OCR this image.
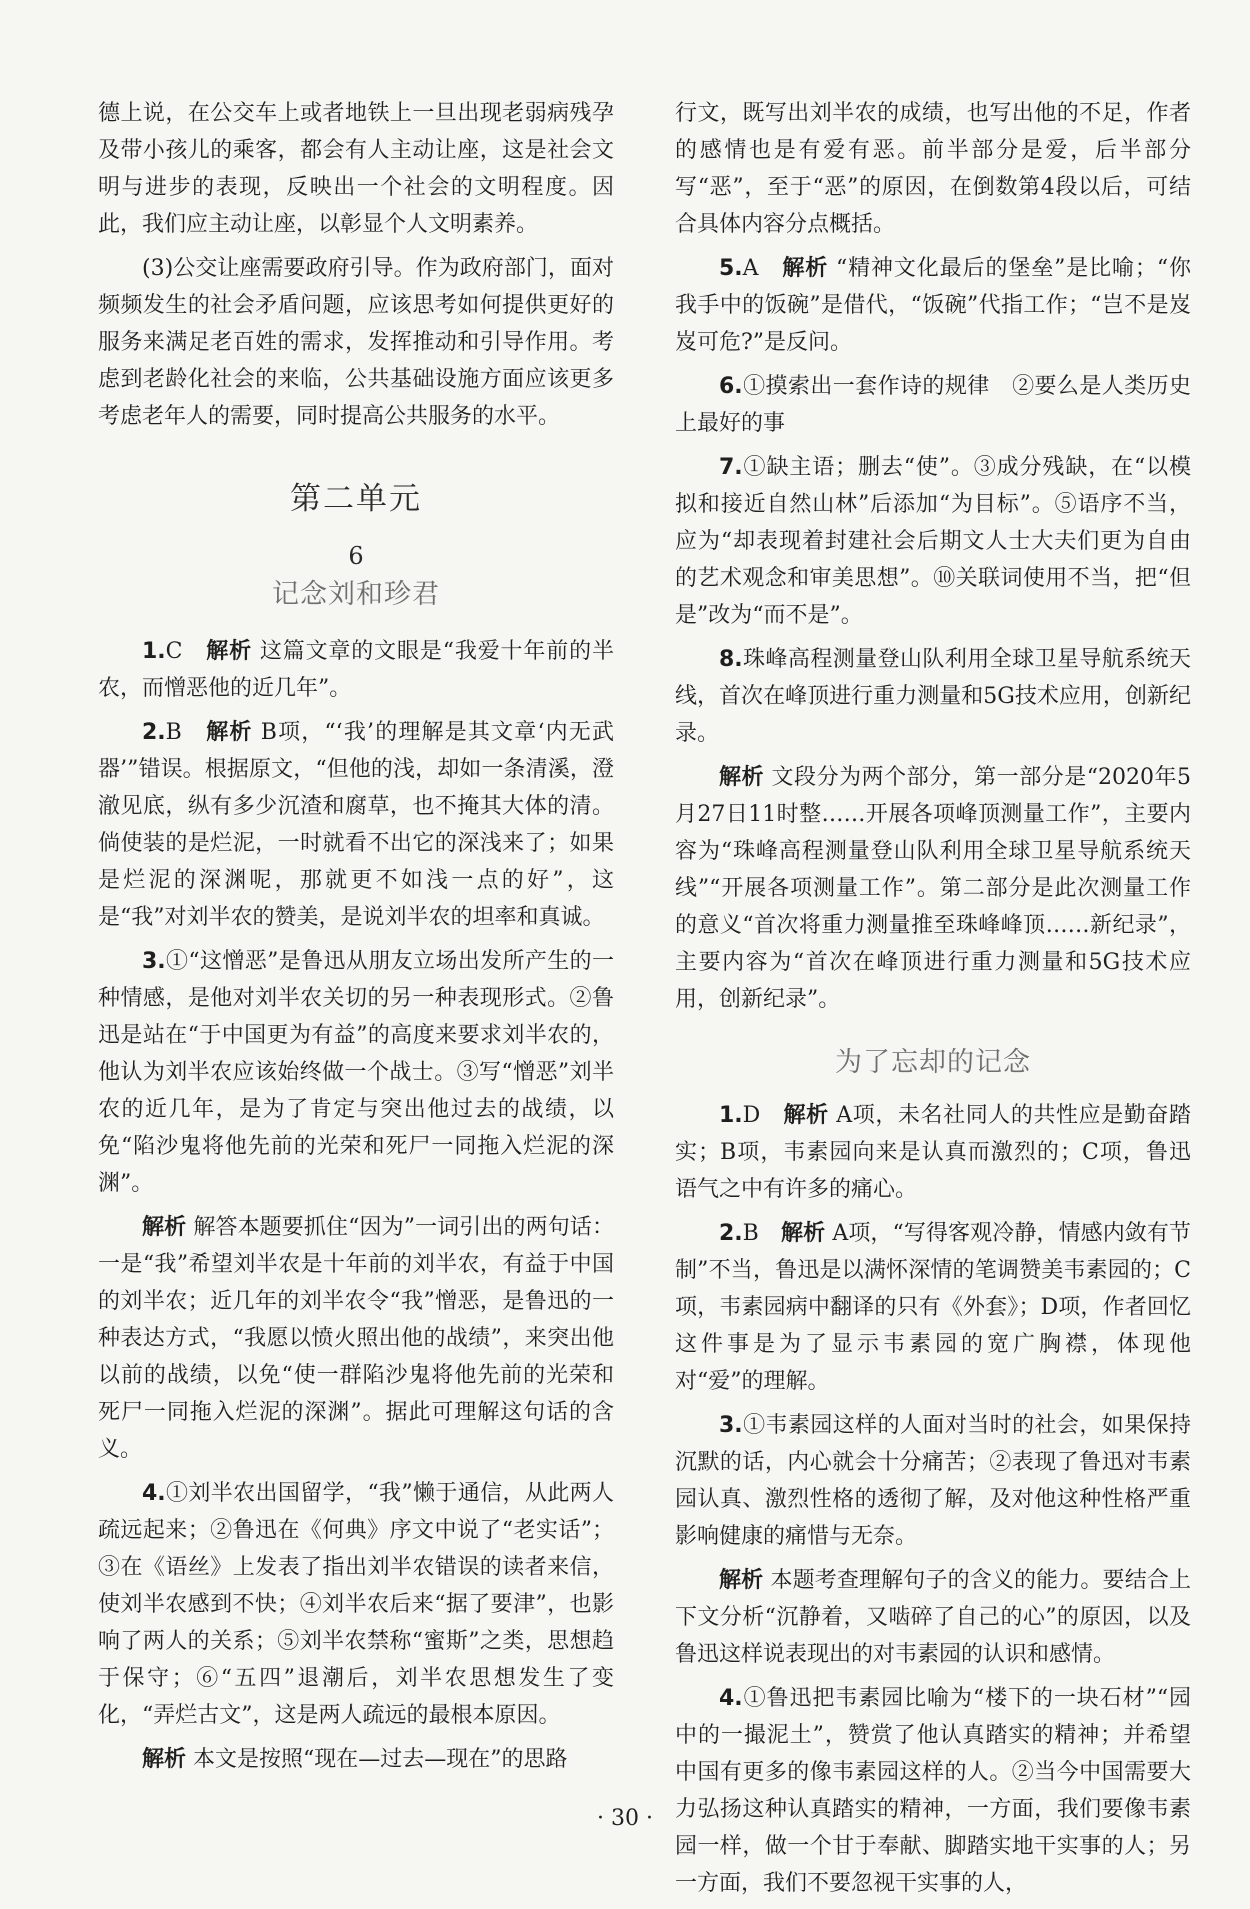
德上说，在公交车上或者地铁上一旦出现老弱病残孕及带小孩儿的乘客，都会有人主动让座，这是社会文明与进步的表现，反映出一个社会的文明程度。因此，我们应主动让座，以彰显个人文明素养。

(3)公交让座需要政府引导。作为政府部门，面对频频发生的社会矛盾问题，应该思考如何提供更好的服务来满足老百姓的需求，发挥推动和引导作用。考虑到老龄化社会的来临，公共基础设施方面应该更多考虑老年人的需要，同时提高公共服务的水平。

第二单元
6
记念刘和珍君

1.C　 解析 这篇文章的文眼是“我爱十年前的半农，而憎恶他的近几年”。

2.B　 解析 B项，“‘我’的理解是其文章‘内无武器’”错误。根据原文，“但他的浅，却如一条清溪，澄澈见底，纵有多少沉渣和腐草，也不掩其大体的清。倘使装的是烂泥，一时就看不出它的深浅来了；如果是烂泥的深渊呢，那就更不如浅一点的好”，这是“我”对刘半农的赞美，是说刘半农的坦率和真诚。

3.①“这憎恶”是鲁迅从朋友立场出发所产生的一种情感，是他对刘半农关切的另一种表现形式。②鲁迅是站在“于中国更为有益”的高度来要求刘半农的，他认为刘半农应该始终做一个战士。③写“憎恶”刘半农的近几年，是为了肯定与突出他过去的战绩，以免“陷沙鬼将他先前的光荣和死尸一同拖入烂泥的深渊”。

解析 解答本题要抓住“因为”一词引出的两句话：一是“我”希望刘半农是十年前的刘半农，有益于中国的刘半农；近几年的刘半农令“我”憎恶，是鲁迅的一种表达方式，“我愿以愤火照出他的战绩”，来突出他以前的战绩，以免“使一群陷沙鬼将他先前的光荣和死尸一同拖入烂泥的深渊”。据此可理解这句话的含义。

4.①刘半农出国留学，“我”懒于通信，从此两人疏远起来；②鲁迅在《何典》序文中说了“老实话”；③在《语丝》上发表了指出刘半农错误的读者来信，使刘半农感到不快；④刘半农后来“据了要津”，也影响了两人的关系；⑤刘半农禁称“蜜斯”之类，思想趋于保守；⑥“五四”退潮后，刘半农思想发生了变化，“弄烂古文”，这是两人疏远的最根本原因。

解析 本文是按照“现在—过去—现在”的思路

行文，既写出刘半农的成绩，也写出他的不足，作者的感情也是有爱有恶。前半部分是爱，后半部分写“恶”，至于“恶”的原因，在倒数第4段以后，可结合具体内容分点概括。

5.A　 解析 “精神文化最后的堡垒”是比喻；“你我手中的饭碗”是借代，“饭碗”代指工作；“岂不是岌岌可危?”是反问。

6.①摸索出一套作诗的规律　②要么是人类历史上最好的事

7.①缺主语；删去“使”。③成分残缺，在“以模拟和接近自然山林”后添加“为目标”。⑤语序不当，应为“却表现着封建社会后期文人士大夫们更为自由的艺术观念和审美思想”。⑩关联词使用不当，把“但是”改为“而不是”。

8.珠峰高程测量登山队利用全球卫星导航系统天线，首次在峰顶进行重力测量和5G技术应用，创新纪录。

解析 文段分为两个部分，第一部分是“2020年5月27日11时整……开展各项峰顶测量工作”，主要内容为“珠峰高程测量登山队利用全球卫星导航系统天线”“开展各项测量工作”。第二部分是此次测量工作的意义“首次将重力测量推至珠峰峰顶……新纪录”，主要内容为“首次在峰顶进行重力测量和5G技术应用，创新纪录”。

为了忘却的记念

1.D　 解析 A项，未名社同人的共性应是勤奋踏实；B项，韦素园向来是认真而激烈的；C项，鲁迅语气之中有许多的痛心。

2.B　 解析 A项，“写得客观冷静，情感内敛有节制”不当，鲁迅是以满怀深情的笔调赞美韦素园的；C项，韦素园病中翻译的只有《外套》；D项，作者回忆这件事是为了显示韦素园的宽广胸襟，体现他对“爱”的理解。

3.①韦素园这样的人面对当时的社会，如果保持沉默的话，内心就会十分痛苦；②表现了鲁迅对韦素园认真、激烈性格的透彻了解，及对他这种性格严重影响健康的痛惜与无奈。

解析 本题考查理解句子的含义的能力。要结合上下文分析“沉静着，又啮碎了自己的心”的原因，以及鲁迅这样说表现出的对韦素园的认识和感情。

4.①鲁迅把韦素园比喻为“楼下的一块石材”“园中的一撮泥土”，赞赏了他认真踏实的精神；并希望中国有更多的像韦素园这样的人。②当今中国需要大力弘扬这种认真踏实的精神，一方面，我们要像韦素园一样，做一个甘于奉献、脚踏实地干实事的人；另一方面，我们不要忽视干实事的人，

· 30 ·
